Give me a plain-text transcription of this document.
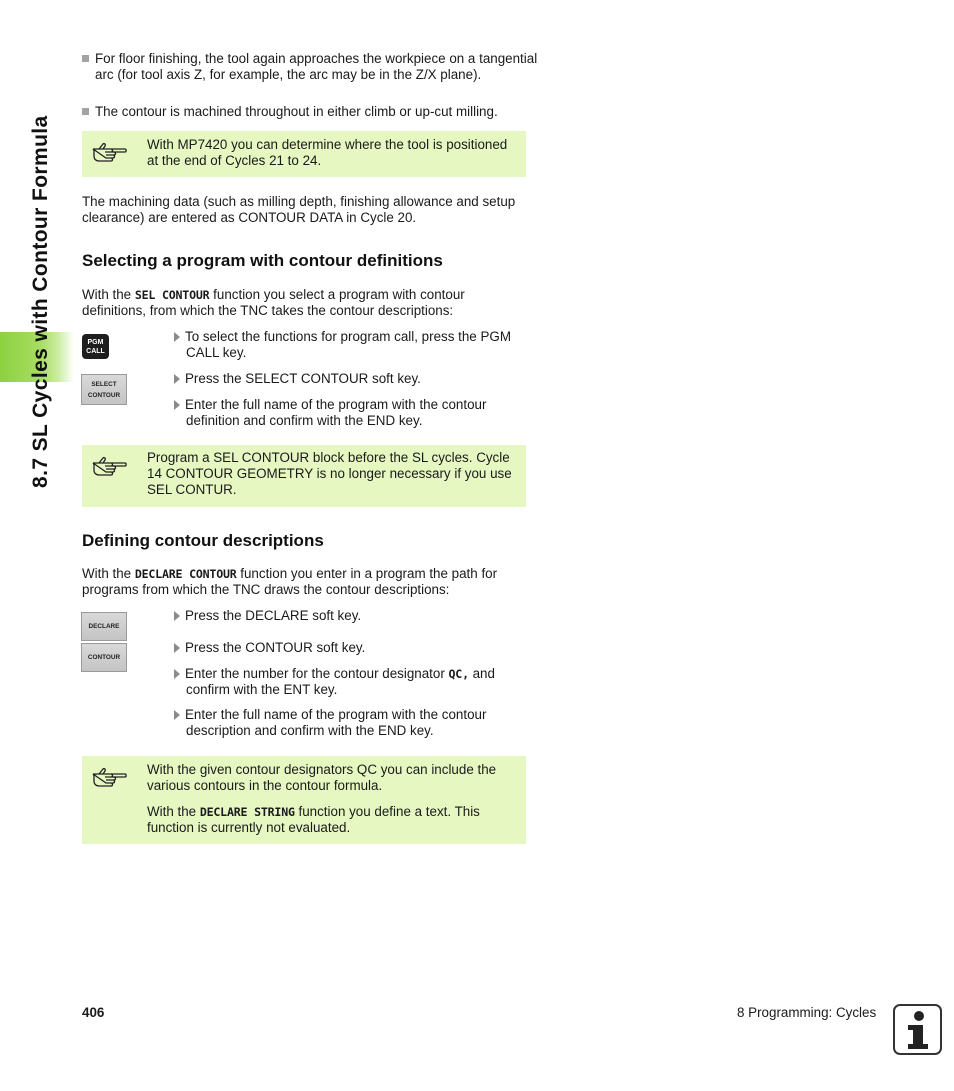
8.7 SL Cycles with Contour Formula
For floor finishing, the tool again approaches the workpiece on a tangential arc (for tool axis Z, for example, the arc may be in the Z/X plane).
The contour is machined throughout in either climb or up-cut milling.
With MP7420 you can determine where the tool is positioned at the end of Cycles 21 to 24.
The machining data (such as milling depth, finishing allowance and setup clearance) are entered as CONTOUR DATA in Cycle 20.
Selecting a program with contour definitions
With the SEL CONTOUR function you select a program with contour definitions, from which the TNC takes the contour descriptions:
PGM
CALL
SELECT
CONTOUR
To select the functions for program call, press the PGM CALL key.
Press the SELECT CONTOUR soft key.
Enter the full name of the program with the contour definition and confirm with the END key.
Program a SEL CONTOUR block before the SL cycles. Cycle 14 CONTOUR GEOMETRY is no longer necessary if you use SEL CONTUR.
Defining contour descriptions
With the DECLARE CONTOUR function you enter in a program the path for programs from which the TNC draws the contour descriptions:
DECLARE
CONTOUR
Press the DECLARE soft key.
Press the CONTOUR soft key.
Enter the number for the contour designator QC, and confirm with the ENT key.
Enter the full name of the program with the contour description and confirm with the END key.
With the given contour designators QC you can include the various contours in the contour formula.
With the DECLARE STRING function you define a text. This function is currently not evaluated.
406	8 Programming: Cycles
